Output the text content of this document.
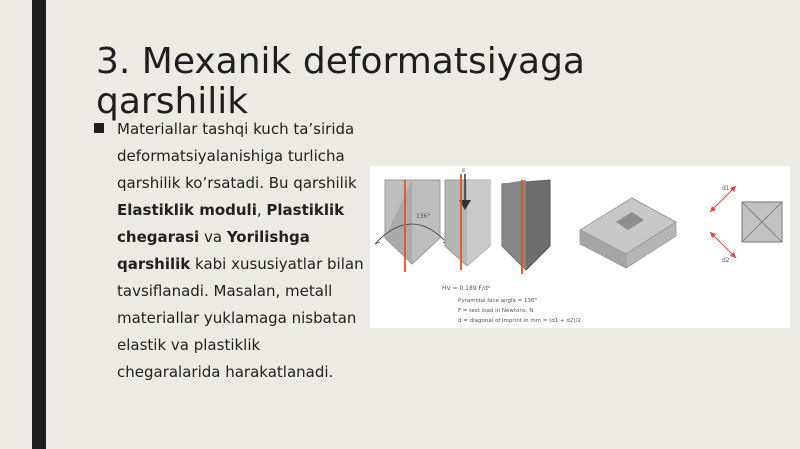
3. Mexanik deformatsiyaga qarshilik

Materiallar tashqi kuch taʼsirida deformatsiyalanishiga turlicha qarshilik koʼrsatadi. Bu qarshilik Elastiklik moduli, Plastiklik chegarasi va Yorilishga qarshilik kabi xususiyatlar bilan tavsiflanadi. Masalan, metall materiallar yuklamaga nisbatan elastik va plastiklik chegaralarida harakatlanadi.

136°
F
d1
d2
HV = 0.189 F/d²
Pyramidal face angle = 136°
F = test load in Newtons, N
d = diagonal of imprint in mm = (d1 + d2)/2
